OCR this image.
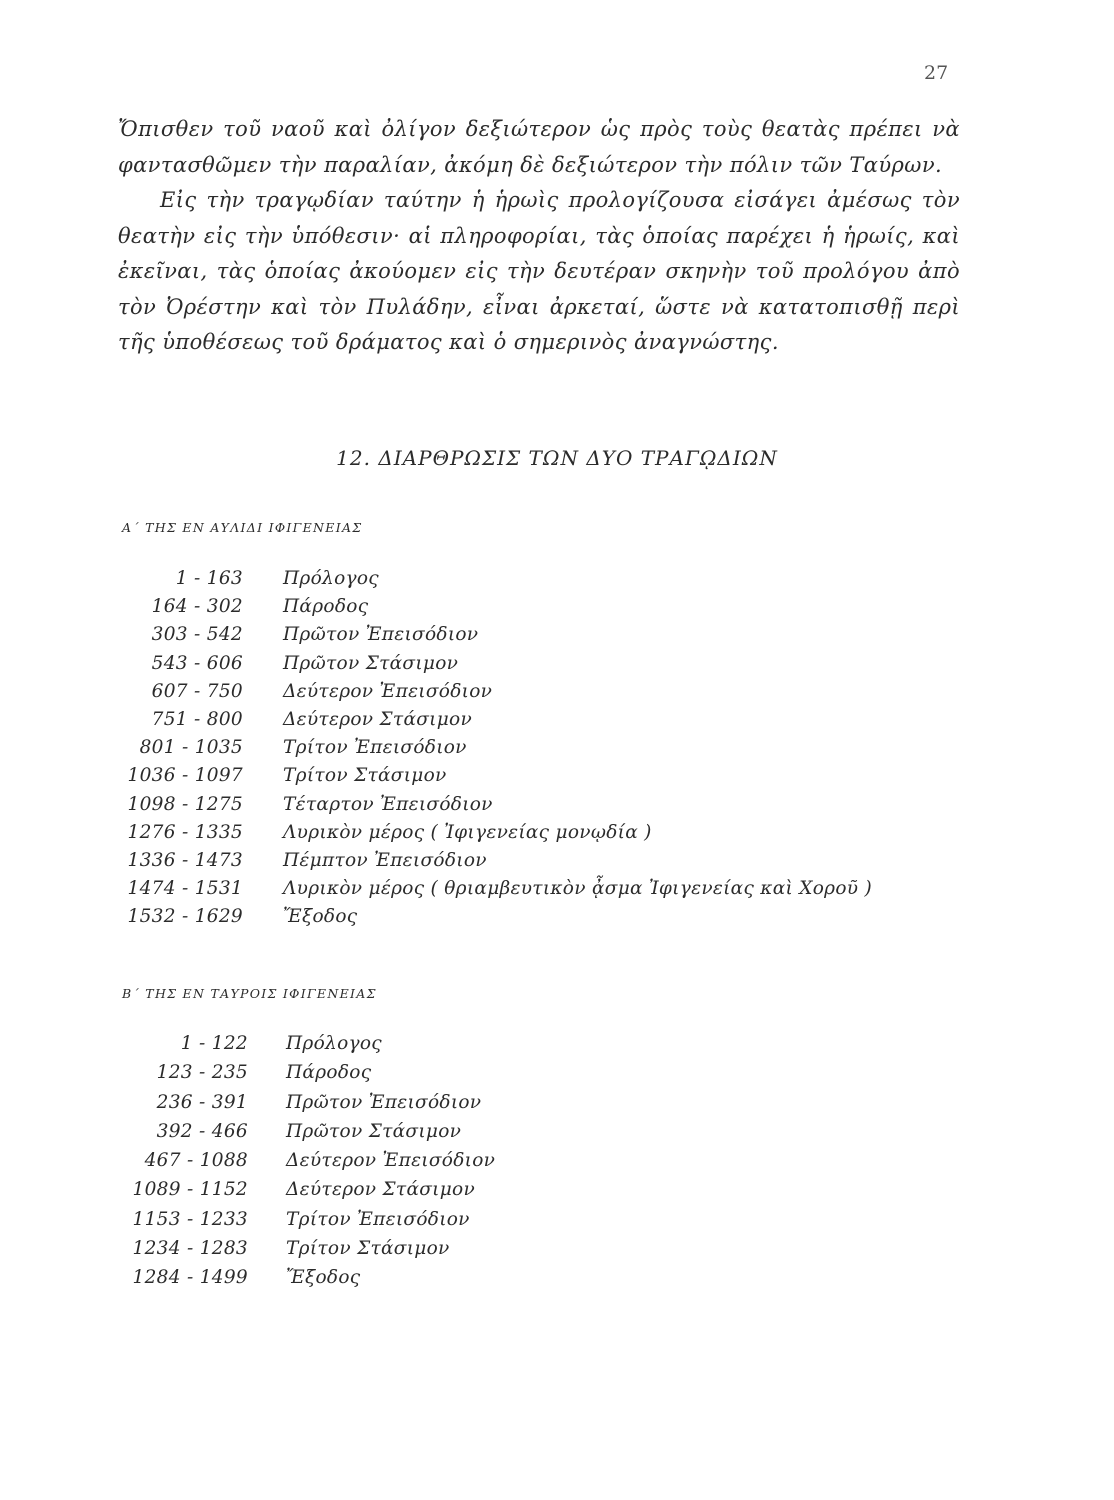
27

Ὄπισθεν τοῦ ναοῦ καὶ ὀλίγον δεξιώτερον ὡς πρὸς τοὺς θεατὰς πρέπει νὰ φαντασθῶμεν τὴν παραλίαν, ἀκόμη δὲ δεξιώτερον τὴν πόλιν τῶν Ταύρων.

Εἰς τὴν τραγῳδίαν ταύτην ἡ ἡρωὶς προλογίζουσα εἰσάγει ἀμέσως τὸν θεατὴν εἰς τὴν ὑπόθεσιν· αἱ πληροφορίαι, τὰς ὁποίας παρέχει ἡ ἡρωίς, καὶ ἐκεῖναι, τὰς ὁποίας ἀκούομεν εἰς τὴν δευτέραν σκηνὴν τοῦ προλόγου ἀπὸ τὸν Ὀρέστην καὶ τὸν Πυλάδην, εἶναι ἀρκεταί, ὥστε νὰ κατατοπισθῇ περὶ τῆς ὑποθέσεως τοῦ δράματος καὶ ὁ σημερινὸς ἀναγνώστης.

12. ΔΙΑΡΘΡΩΣΙΣ ΤΩΝ ΔΥΟ ΤΡΑΓῼΔΙΩΝ
Α΄ ΤΗΣ ΕΝ ΑΥΛΙΔΙ ΙΦΙΓΕΝΕΙΑΣ
1 - 163 Πρόλογος
164 - 302 Πάροδος
303 - 542 Πρῶτον Ἐπεισόδιον
543 - 606 Πρῶτον Στάσιμον
607 - 750 Δεύτερον Ἐπεισόδιον
751 - 800 Δεύτερον Στάσιμον
801 - 1035 Τρίτον Ἐπεισόδιον
1036 - 1097 Τρίτον Στάσιμον
1098 - 1275 Τέταρτον Ἐπεισόδιον
1276 - 1335 Λυρικὸν μέρος ( Ἰφιγενείας μονῳδία )
1336 - 1473 Πέμπτον Ἐπεισόδιον
1474 - 1531 Λυρικὸν μέρος ( θριαμβευτικὸν ᾆσμα Ἰφιγενείας καὶ Χοροῦ )
1532 - 1629 Ἔξοδος
Β΄ ΤΗΣ ΕΝ ΤΑΥΡΟΙΣ ΙΦΙΓΕΝΕΙΑΣ
1 - 122 Πρόλογος
123 - 235 Πάροδος
236 - 391 Πρῶτον Ἐπεισόδιον
392 - 466 Πρῶτον Στάσιμον
467 - 1088 Δεύτερον Ἐπεισόδιον
1089 - 1152 Δεύτερον Στάσιμον
1153 - 1233 Τρίτον Ἐπεισόδιον
1234 - 1283 Τρίτον Στάσιμον
1284 - 1499 Ἔξοδος
